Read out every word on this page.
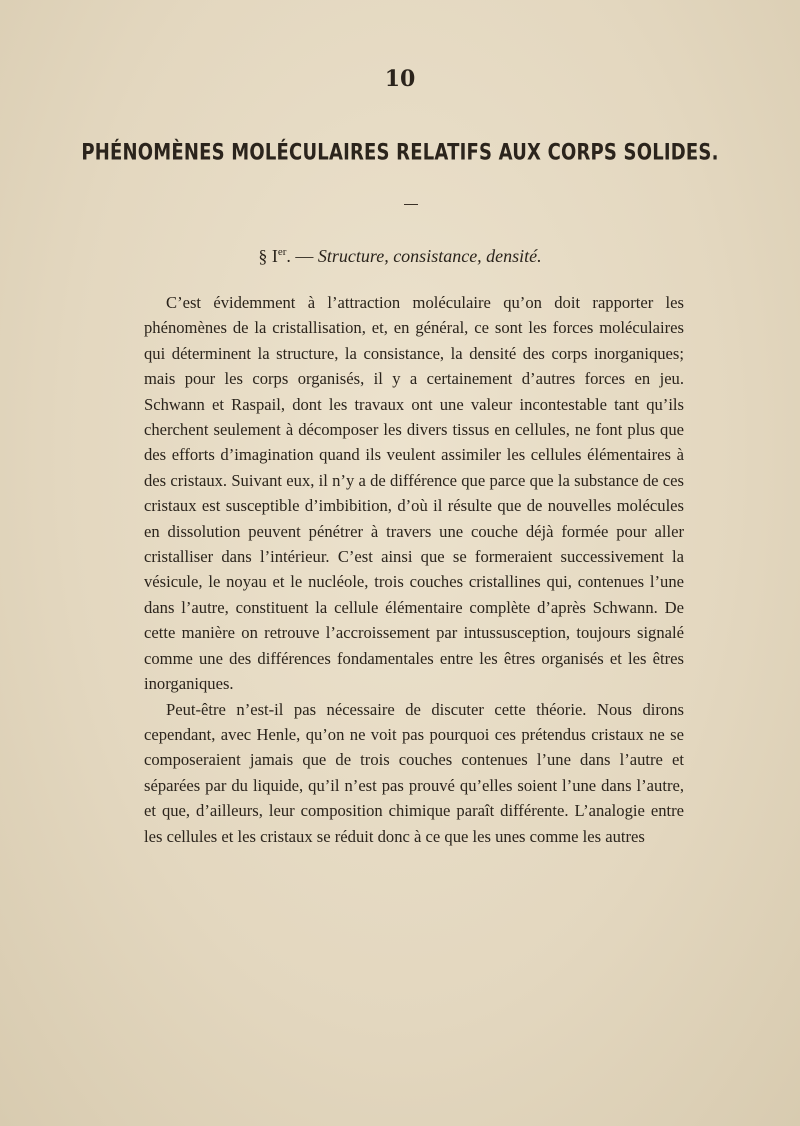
10
PHÉNOMÈNES MOLÉCULAIRES RELATIFS AUX CORPS SOLIDES.
§ Ier. — Structure, consistance, densité.

C’est évidemment à l’attraction moléculaire qu’on doit rapporter les phénomènes de la cristallisation, et, en général, ce sont les forces moléculaires qui déterminent la structure, la consistance, la densité des corps inorganiques; mais pour les corps organisés, il y a certainement d’autres forces en jeu. Schwann et Raspail, dont les travaux ont une valeur incontestable tant qu’ils cherchent seulement à décomposer les divers tissus en cellules, ne font plus que des efforts d’imagination quand ils veulent assimiler les cellules élémentaires à des cristaux. Suivant eux, il n’y a de différence que parce que la substance de ces cristaux est susceptible d’imbibition, d’où il résulte que de nouvelles molécules en dissolution peuvent pénétrer à travers une couche déjà formée pour aller cristalliser dans l’intérieur. C’est ainsi que se formeraient successivement la vésicule, le noyau et le nucléole, trois couches cristallines qui, contenues l’une dans l’autre, constituent la cellule élémentaire complète d’après Schwann. De cette manière on retrouve l’accroissement par intussusception, toujours signalé comme une des différences fondamentales entre les êtres organisés et les êtres inorganiques.

Peut-être n’est-il pas nécessaire de discuter cette théorie. Nous dirons cependant, avec Henle, qu’on ne voit pas pourquoi ces prétendus cristaux ne se composeraient jamais que de trois couches contenues l’une dans l’autre et séparées par du liquide, qu’il n’est pas prouvé qu’elles soient l’une dans l’autre, et que, d’ailleurs, leur composition chimique paraît différente. L’analogie entre les cellules et les cristaux se réduit donc à ce que les unes comme les autres
